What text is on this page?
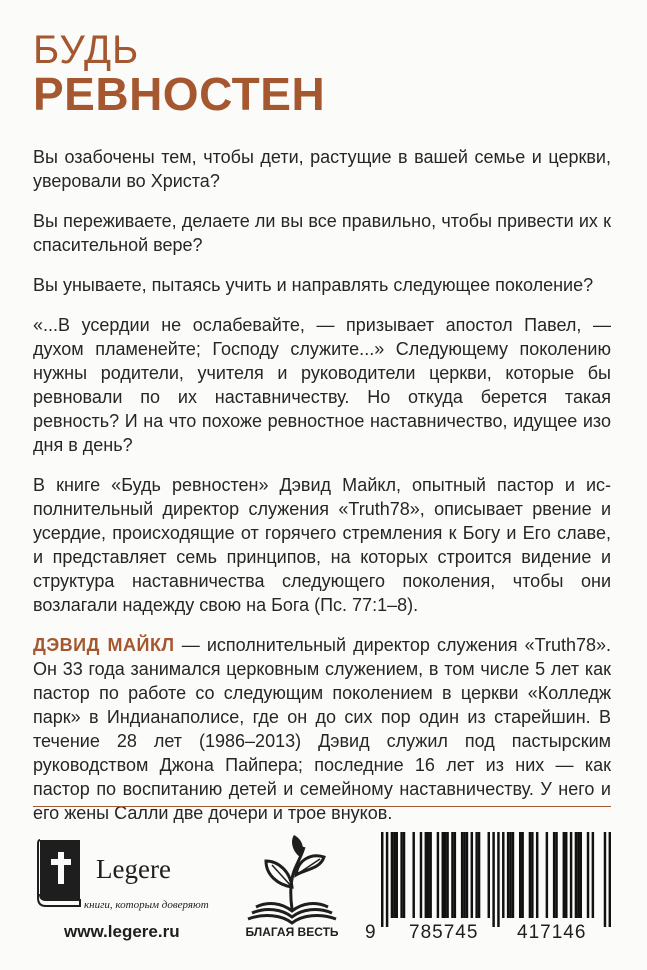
БУДЬ
РЕВНОСТЕН

Вы озабочены тем, чтобы дети, растущие в вашей семье и церкви, уверовали во Христа?

Вы переживаете, делаете ли вы все правильно, чтобы привести их к спасительной вере?

Вы унываете, пытаясь учить и направлять следующее поколение?

«...В усердии не ослабевайте, — призывает апостол Павел, — духом пламенейте; Господу служите...» Следующему поколению нужны родители, учителя и руководители церкви, которые бы ревновали по их наставничеству. Но откуда берется такая ревность? И на что похоже ревностное наставничество, идущее изо дня в день?

В книге «Будь ревностен» Дэвид Майкл, опытный пастор и ис-полнительный директор служения «Truth78», описывает рвение и усердие, происходящие от горячего стремления к Богу и Его славе, и представляет семь принципов, на которых строится видение и структура наставничества следующего поколения, чтобы они возлагали надежду свою на Бога (Пс. 77:1–8).

ДЭВИД МАЙКЛ — исполнительный директор служения «Truth78». Он 33 года занимался церковным служением, в том числе 5 лет как пастор по работе со следующим поколением в церкви «Колледж парк» в Индианаполисе, где он до сих пор один из старейшин. В течение 28 лет (1986–2013) Дэвид служил под пастырским руководством Джона Пайпера; последние 16 лет из них — как пастор по воспитанию детей и семейному наставничеству. У него и его жены Салли две дочери и трое внуков.

Legere
книги, которым доверяют
www.legere.ru	БЛАГАЯ ВЕСТЬ	9 785745 417146
